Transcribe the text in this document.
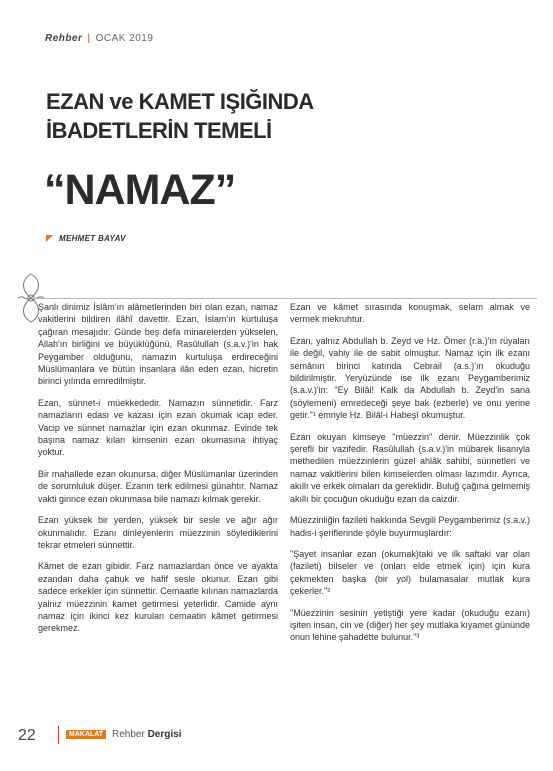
Rehber | OCAK 2019
EZAN ve KAMET IŞIĞINDA
İBADETLERİN TEMELİ
“NAMAZ”
MEHMET BAYAV

Şanlı dinimiz İslâm'ın alâmetlerinden biri olan ezan, namaz vakitlerini bildiren ilâhî davettir. Ezan, İslam'ın kurtuluşa çağıran mesajıdır. Günde beş defa minarelerden yükselen, Allah'ın birliğini ve büyüklüğünü, Rasûlullah (s.a.v.)'in hak Peygamber olduğunu, namazın kurtuluşa erdireceğini Müslümanlara ve bütün insanlara ilân eden ezan, hicretin birinci yılında emredilmiştir.

Ezan, sünnet-i müekkededir. Namazın sünnetidir. Farz namazların edası ve kazası için ezan okumak icap eder. Vacip ve sünnet namazlar için ezan okunmaz. Evinde tek başına namaz kılan kimsenin ezan okumasına ihtiyaç yoktur.

Bir mahallede ezan okunursa, diğer Müslümanlar üzerinden de sorumluluk düşer. Ezanın terk edilmesi günahtır. Namaz vakti girince ezan okunmasa bile namazı kılmak gerekir.

Ezan yüksek bir yerden, yüksek bir sesle ve ağır ağır okunmalıdır. Ezanı dinleyenlerin müezzinin söylediklerini tekrar etmeleri sünnettir.

Kâmet de ezan gibidir. Farz namazlardan önce ve ayakta ezandan daha çabuk ve hafif sesle okunur. Ezan gibi sadece erkekler için sünnettir. Cemaatle kılınan namazlarda yalnız müezzinin kamet getirmesi yeterlidir. Camide aynı namaz için ikinci kez kurulan cemaatin kâmet getirmesi gerekmez.

Ezan ve kâmet sırasında konuşmak, selam almak ve vermek mekruhtur.

Ezan, yalnız Abdullah b. Zeyd ve Hz. Ömer (r.a.)'ın rüyaları ile değil, vahiy ile de sabit olmuştur. Namaz için ilk ezanı semânın birinci katında Cebrail (a.s.)'ın okuduğu bildirilmiştir. Yeryüzünde ise ilk ezanı Peygamberimiz (s.a.v.)'in: "Ey Bilâl! Kalk da Abdullah b. Zeyd'in sana (söylemeni) emredeceği şeye bak (ezberle) ve onu yerine getir."¹ emriyle Hz. Bilâl-i Habeşî okumuştur.

Ezan okuyan kimseye "müezzin" denir. Müezzinlik çok şerefli bir vazifedir. Rasûlullah (s.a.v.)'in mübarek lisanıyla methedilen müezzinlerin güzel ahlâk sahibi, sünnetleri ve namaz vakitlerini bilen kimselerden olması lazımdır. Ayrıca, akıllı ve erkek olmaları da gereklidir. Buluğ çağına gelmemiş akıllı bir çocuğun okuduğu ezan da caizdir.

Müezzinliğin fazileti hakkında Sevgili Peygamberimiz (s.a.v.) hadis-i şeriflerinde şöyle buyurmuşlardır:

"Şayet insanlar ezan (okumak)taki ve ilk saftaki var olan (fazileti) bilseler ve (onları elde etmek için) için kura çekmekten başka (bir yol) bulamasalar mutlak kura çekerler."²

"Müezzinin sesinin yetiştiği yere kadar (okuduğu ezanı) işiten insan, cin ve (diğer) her şey mutlaka kıyamet gününde onun lehine şahadette bulunur."³

22	MAKALAT Rehber Dergisi
